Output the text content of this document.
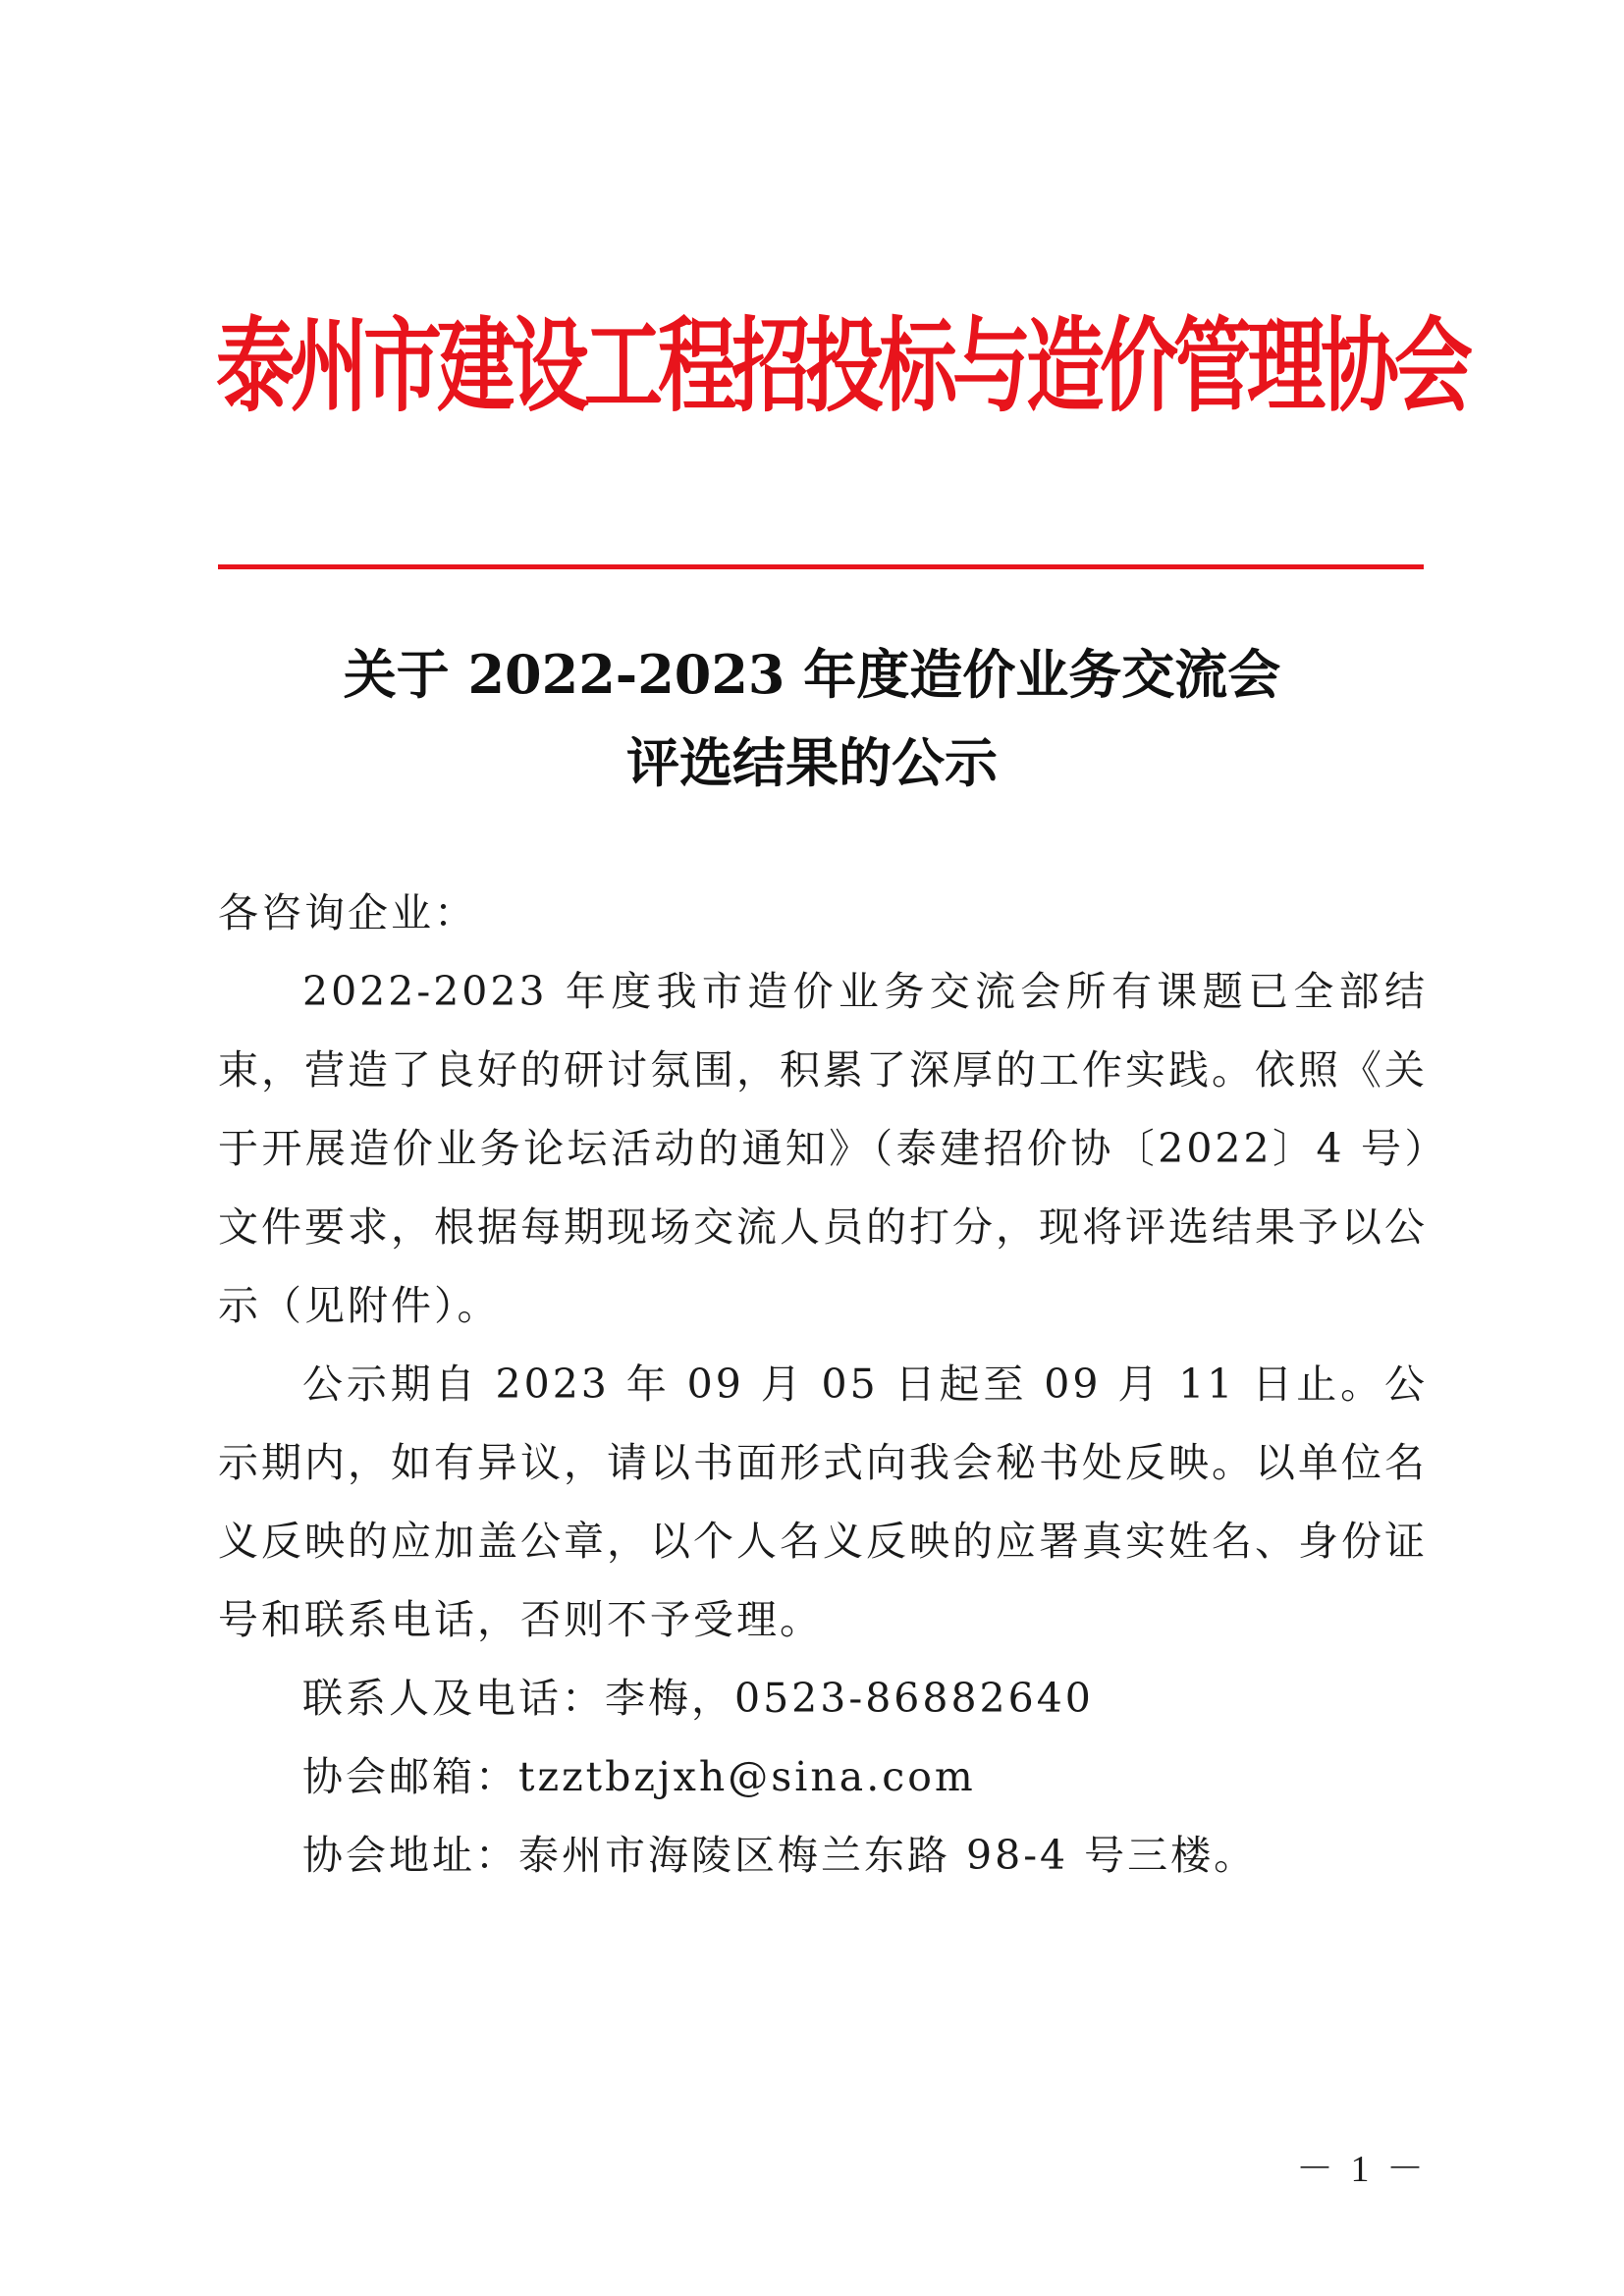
泰州市建设工程招投标与造价管理协会
关于 2022-2023 年度造价业务交流会
评选结果的公示

各咨询企业：

2022-2023 年度我市造价业务交流会所有课题已全部结束，营造了良好的研讨氛围，积累了深厚的工作实践。依照《关于开展造价业务论坛活动的通知》（泰建招价协〔2022〕4 号）文件要求，根据每期现场交流人员的打分，现将评选结果予以公示（见附件）。

公示期自 2023 年 09 月 05 日起至 09 月 11 日止。公示期内，如有异议，请以书面形式向我会秘书处反映。以单位名义反映的应加盖公章，以个人名义反映的应署真实姓名、身份证号和联系电话，否则不予受理。

联系人及电话：李梅，0523-86882640
协会邮箱：tzztbzjxh@sina.com
协会地址：泰州市海陵区梅兰东路 98-4 号三楼。
－ 1 －
